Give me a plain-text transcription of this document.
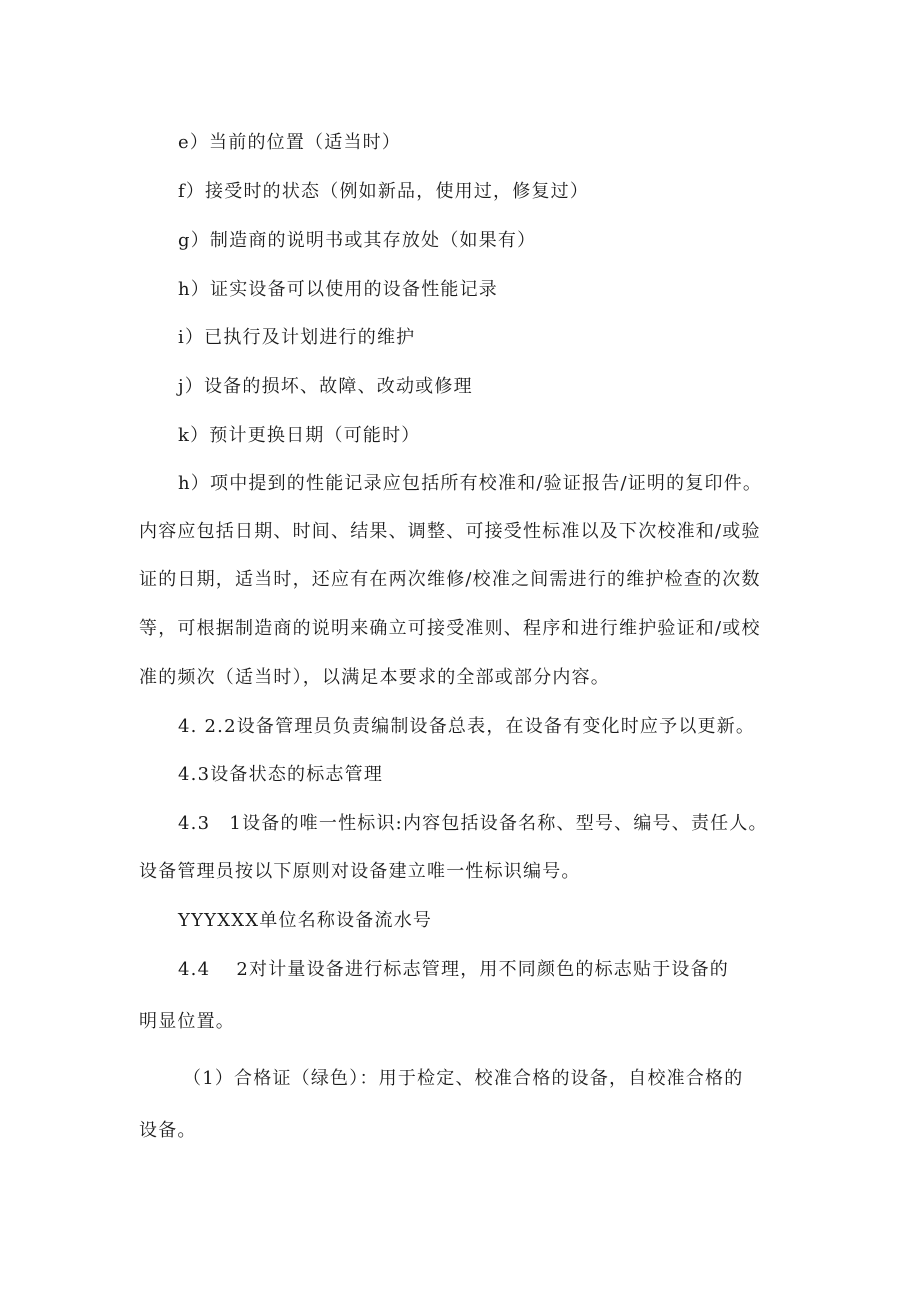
e）当前的位置（适当时）
f）接受时的状态（例如新品，使用过，修复过）
g）制造商的说明书或其存放处（如果有）
h）证实设备可以使用的设备性能记录
i）已执行及计划进行的维护
j）设备的损坏、故障、改动或修理
k）预计更换日期（可能时）
h）项中提到的性能记录应包括所有校准和/验证报告/证明的复印件。
内容应包括日期、时间、结果、调整、可接受性标准以及下次校准和/或验
证的日期，适当时，还应有在两次维修/校准之间需进行的维护检查的次数
等，可根据制造商的说明来确立可接受准则、程序和进行维护验证和/或校
准的频次（适当时），以满足本要求的全部或部分内容。
4. 2.2设备管理员负责编制设备总表，在设备有变化时应予以更新。
4.3设备状态的标志管理
4.3　1设备的唯一性标识:内容包括设备名称、型号、编号、责任人。
设备管理员按以下原则对设备建立唯一性标识编号。
YYYXXX单位名称设备流水号
4.4　 2对计量设备进行标志管理，用不同颜色的标志贴于设备的
明显位置。
（1）合格证（绿色）：用于检定、校准合格的设备，自校准合格的
设备。
